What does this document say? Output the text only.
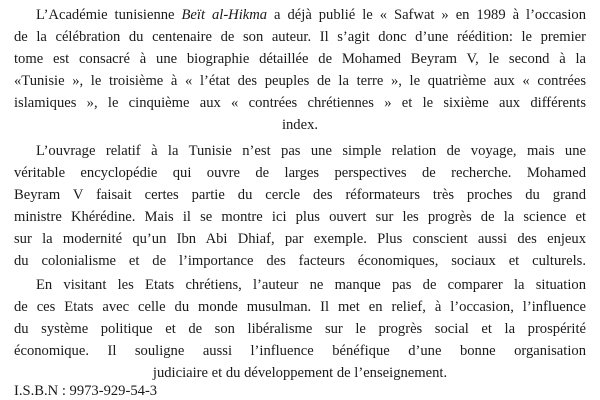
L’Académie tunisienne Beït al-Hikma a déjà publié le « Safwat » en 1989 à l’occasion
de la célébration du centenaire de son auteur. Il s’agit donc d’une réédition: le premier
tome est consacré à une biographie détaillée de Mohamed Beyram V, le second à la
«Tunisie », le troisième à « l’état des peuples de la terre », le quatrième aux « contrées
islamiques », le cinquième aux « contrées chrétiennes » et le sixième aux différents
index.
L’ouvrage relatif à la Tunisie n’est pas une simple relation de voyage, mais une
véritable encyclopédie qui ouvre de larges perspectives de recherche. Mohamed
Beyram V faisait certes partie du cercle des réformateurs très proches du grand
ministre Khérédine. Mais il se montre ici plus ouvert sur les progrès de la science et
sur la modernité qu’un Ibn Abi Dhiaf, par exemple. Plus conscient aussi des enjeux
du colonialisme et de l’importance des facteurs économiques, sociaux et culturels.
En visitant les Etats chrétiens, l’auteur ne manque pas de comparer la situation
de ces Etats avec celle du monde musulman. Il met en relief, à l’occasion, l’influence
du système politique et de son libéralisme sur le progrès social et la prospérité
économique. Il souligne aussi l’influence bénéfique d’une bonne organisation
judiciaire et du développement de l’enseignement.
I.S.B.N : 9973-929-54-3
